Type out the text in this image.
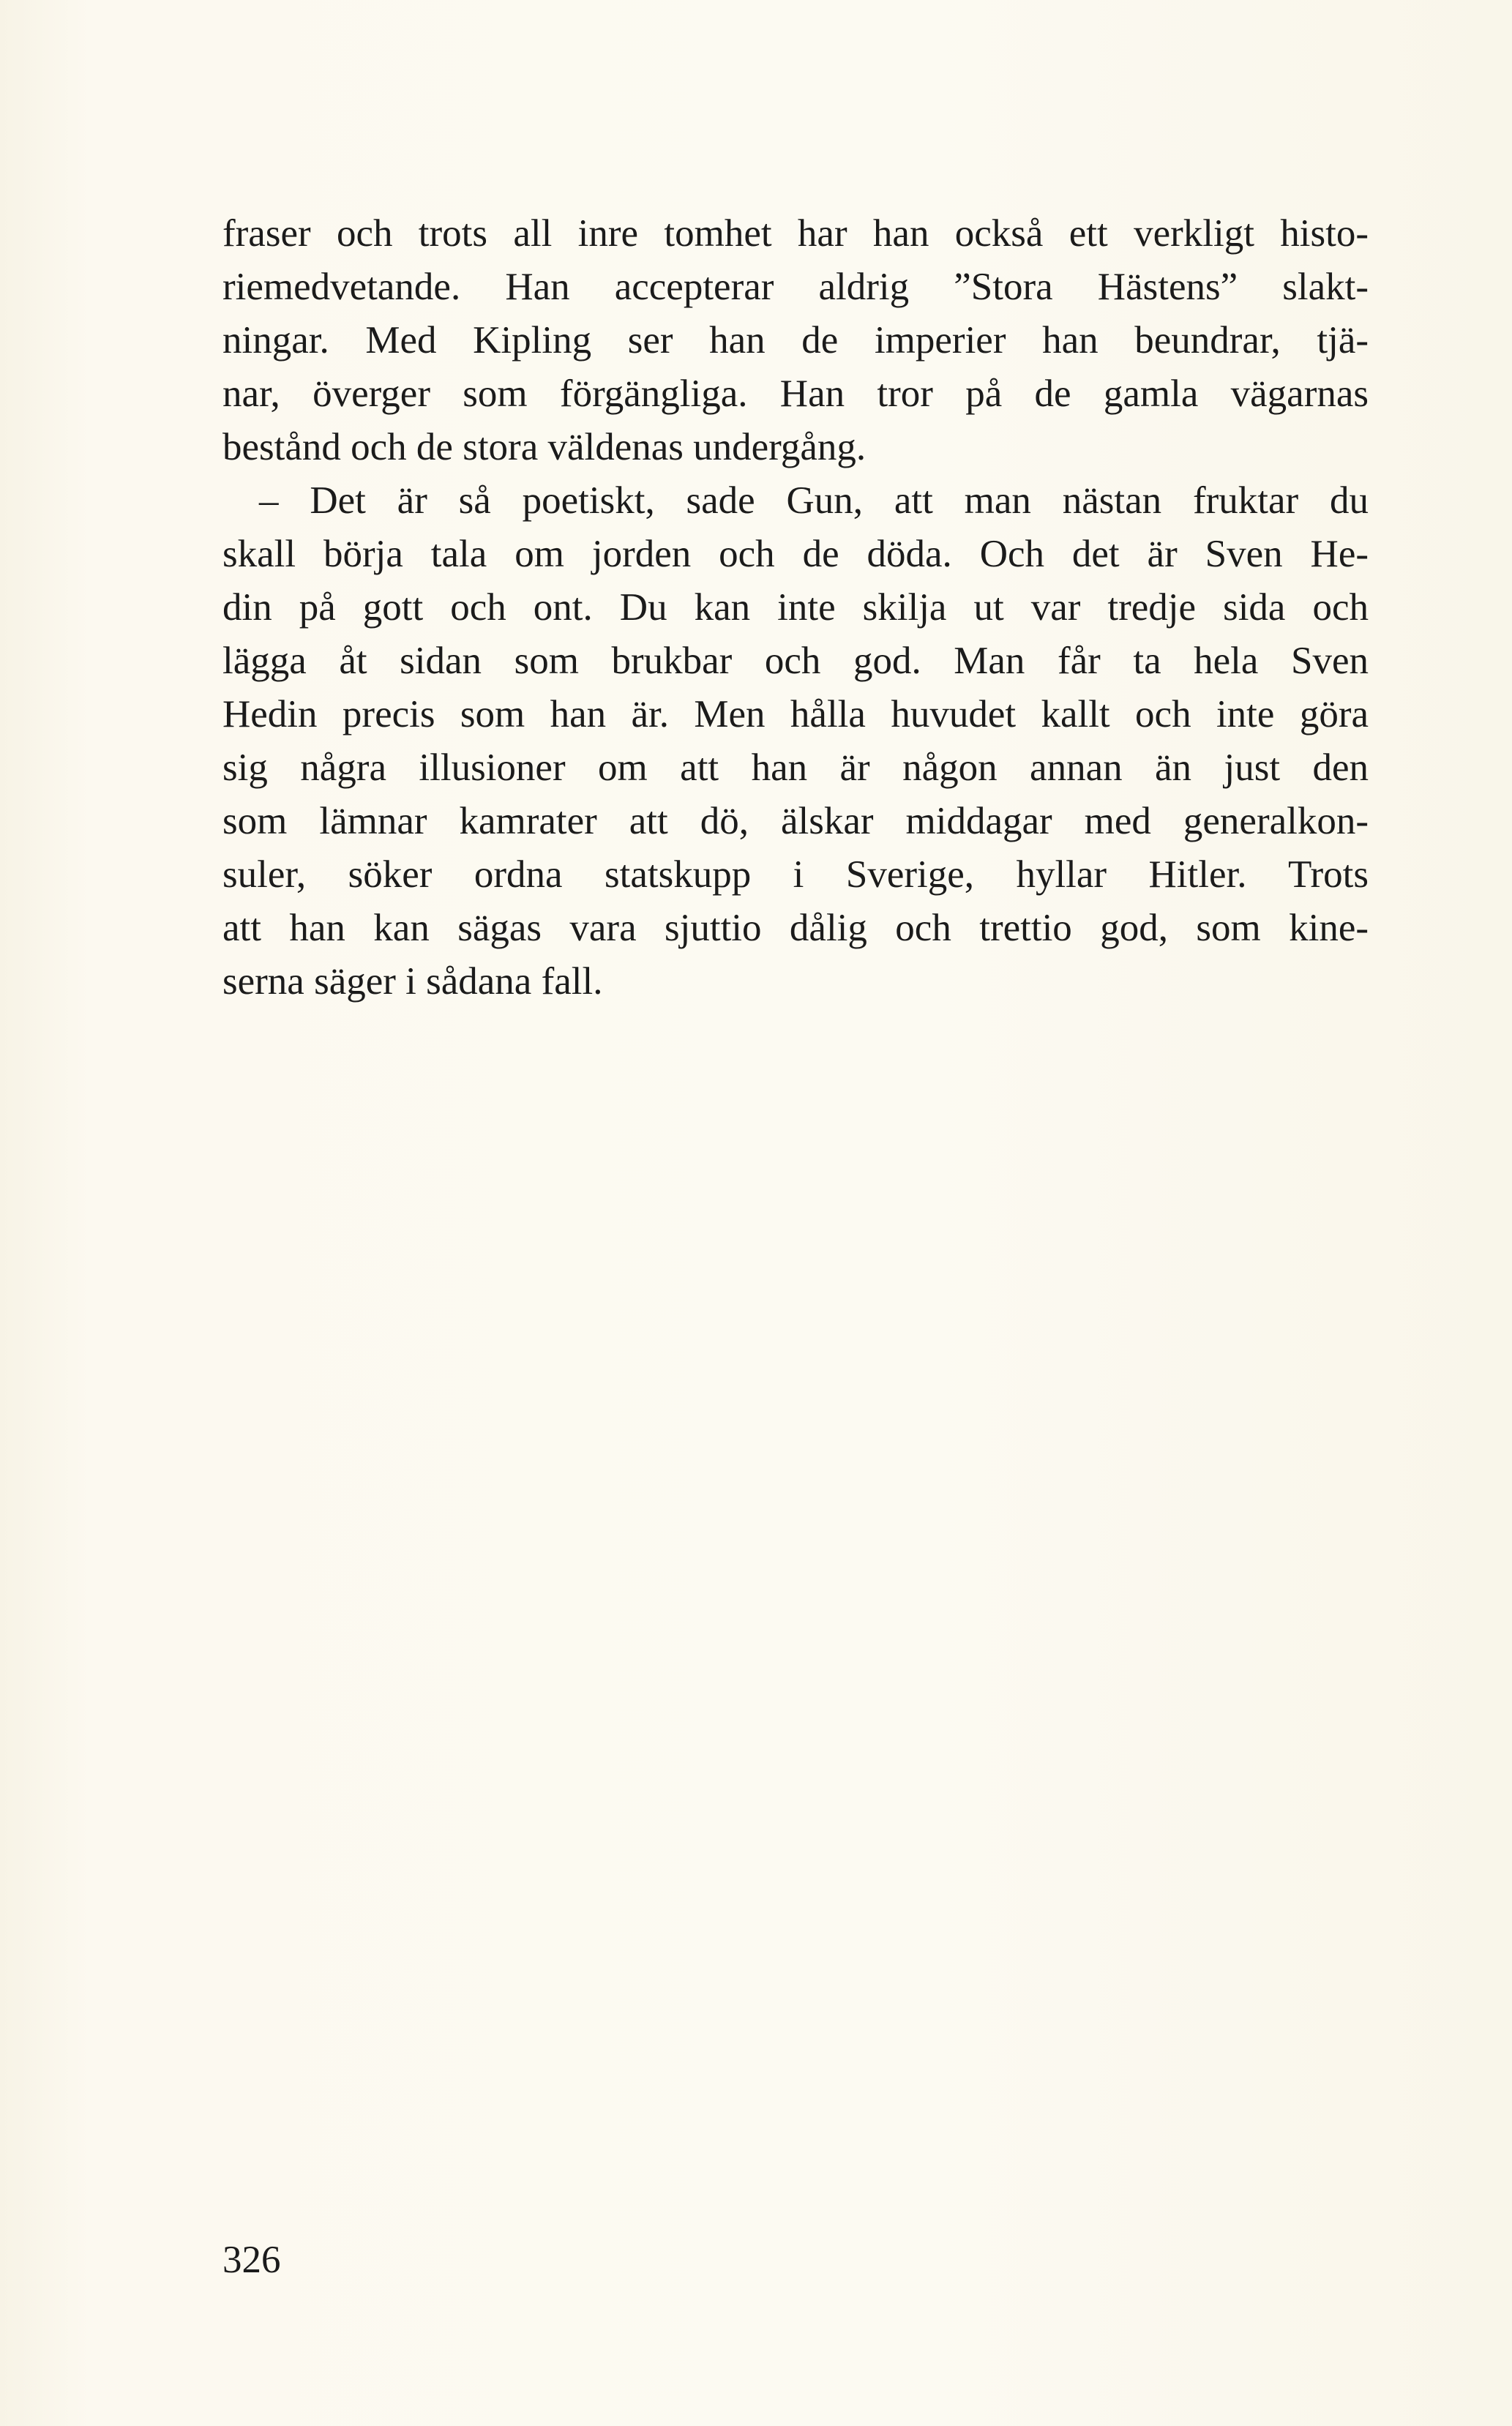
fraser och trots all inre tomhet har han också ett verkligt histo-
riemedvetande. Han accepterar aldrig ”Stora Hästens” slakt-
ningar. Med Kipling ser han de imperier han beundrar, tjä-
nar, överger som förgängliga. Han tror på de gamla vägarnas
bestånd och de stora väldenas undergång.
– Det är så poetiskt, sade Gun, att man nästan fruktar du
skall börja tala om jorden och de döda. Och det är Sven He-
din på gott och ont. Du kan inte skilja ut var tredje sida och
lägga åt sidan som brukbar och god. Man får ta hela Sven
Hedin precis som han är. Men hålla huvudet kallt och inte göra
sig några illusioner om att han är någon annan än just den
som lämnar kamrater att dö, älskar middagar med generalkon-
suler, söker ordna statskupp i Sverige, hyllar Hitler. Trots
att han kan sägas vara sjuttio dålig och trettio god, som kine-
serna säger i sådana fall.
326
